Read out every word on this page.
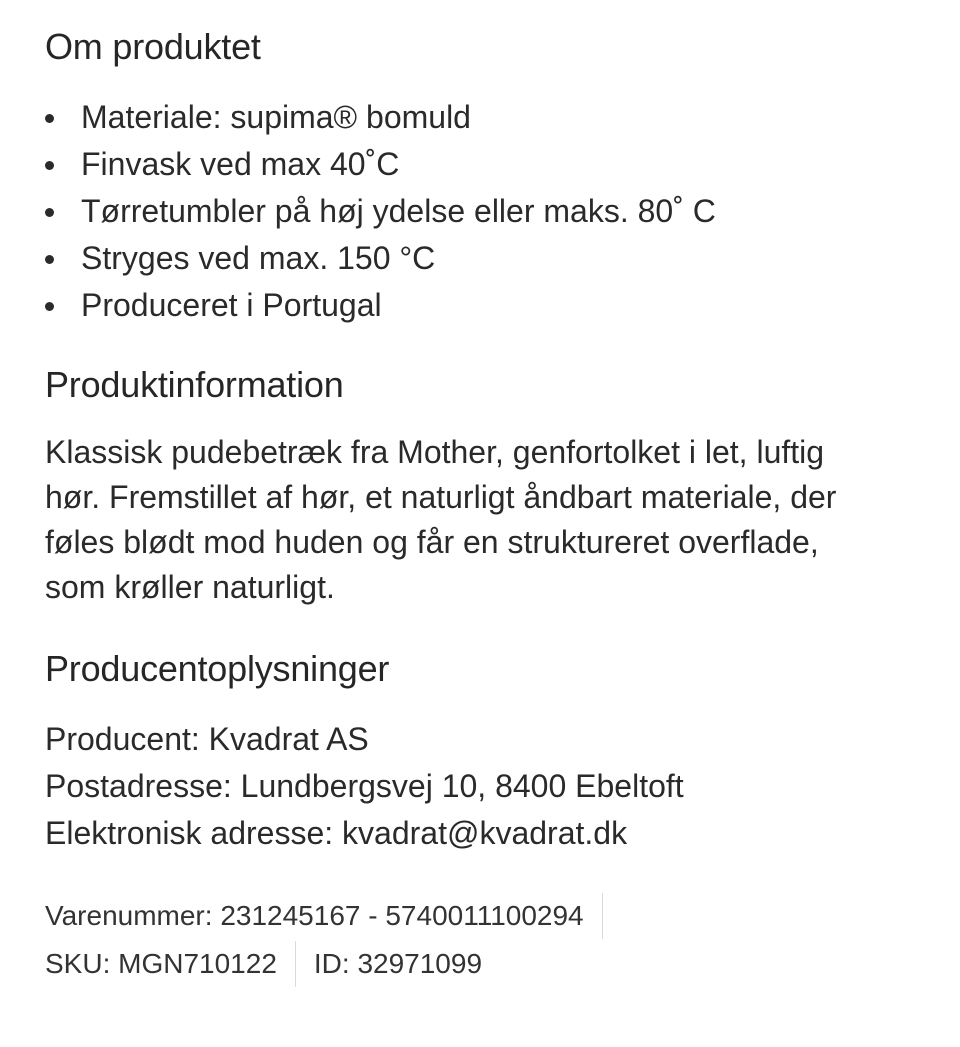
Om produktet
Materiale: supima® bomuld
Finvask ved max 40˚C
Tørretumbler på høj ydelse eller maks. 80˚ C
Stryges ved max. 150 °C
Produceret i Portugal
Produktinformation

Klassisk pudebetræk fra Mother, genfortolket i let, luftig
hør. Fremstillet af hør, et naturligt åndbart materiale, der
føles blødt mod huden og får en struktureret overflade,
som krøller naturligt.

Producentoplysninger
Producent: Kvadrat AS
Postadresse: Lundbergsvej 10, 8400 Ebeltoft
Elektronisk adresse: kvadrat@kvadrat.dk
Varenummer: 231245167 - 5740011100294
SKU: MGN710122 ID: 32971099
